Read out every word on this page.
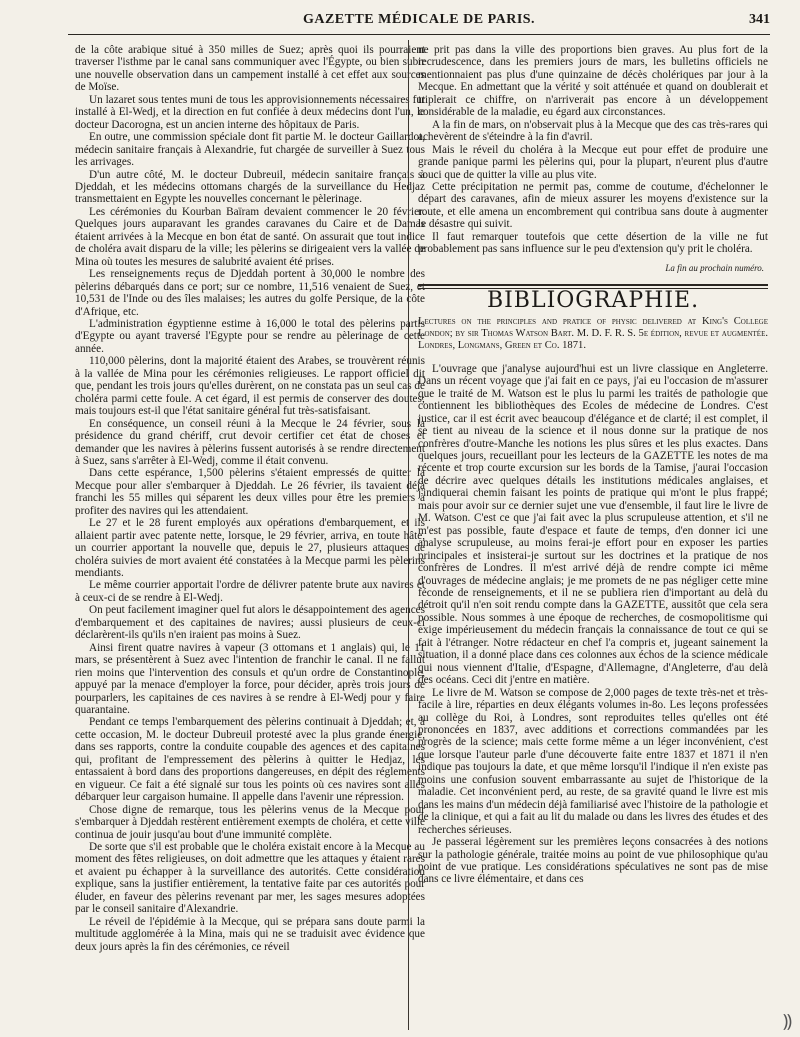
GAZETTE MÉDICALE DE PARIS.	341

de la côte arabique situé à 350 milles de Suez; après quoi ils pourraient traverser l'isthme par le canal sans communiquer avec l'Égypte, ou bien subir une nouvelle observation dans un campement installé à cet effet aux sources de Moïse.

Un lazaret sous tentes muni de tous les approvisionnements nécessaires fut installé à El-Wedj, et la direction en fut confiée à deux médecins dont l'un, le docteur Dacorogna, est un ancien interne des hôpitaux de Paris.

En outre, une commission spéciale dont fit partie M. le docteur Gaillardot, médecin sanitaire français à Alexandrie, fut chargée de surveiller à Suez tous les arrivages.

D'un autre côté, M. le docteur Dubreuil, médecin sanitaire français à Djeddah, et les médecins ottomans chargés de la surveillance du Hedjaz transmettaient en Egypte les nouvelles concernant le pèlerinage.

Les cérémonies du Kourban Baïram devaient commencer le 20 février. Quelques jours auparavant les grandes caravanes du Caire et de Damas étaient arrivées à la Mecque en bon état de santé. On assurait que tout indice de choléra avait disparu de la ville; les pèlerins se dirigeaient vers la vallée de Mina où toutes les mesures de salubrité avaient été prises.

Les renseignements reçus de Djeddah portent à 30,000 le nombre des pèlerins débarqués dans ce port; sur ce nombre, 11,516 venaient de Suez, et 10,531 de l'Inde ou des îles malaises; les autres du golfe Persique, de la côte d'Afrique, etc.

L'administration égyptienne estime à 16,000 le total des pèlerins partis d'Egypte ou ayant traversé l'Egypte pour se rendre au pèlerinage de cette année.

110,000 pèlerins, dont la majorité étaient des Arabes, se trouvèrent réunis à la vallée de Mina pour les cérémonies religieuses. Le rapport officiel dit que, pendant les trois jours qu'elles durèrent, on ne constata pas un seul cas de choléra parmi cette foule. A cet égard, il est permis de conserver des doutes; mais toujours est-il que l'état sanitaire général fut très-satisfaisant.

En conséquence, un conseil réuni à la Mecque le 24 février, sous la présidence du grand chériff, crut devoir certifier cet état de choses et demander que les navires à pèlerins fussent autorisés à se rendre directement à Suez, sans s'arrêter à El-Wedj, comme il était convenu.

Dans cette espérance, 1,500 pèlerins s'étaient empressés de quitter la Mecque pour aller s'embarquer à Djeddah. Le 26 février, ils tavaient déjà franchi les 55 milles qui séparent les deux villes pour être les premiers à profiter des navires qui les attendaient.

Le 27 et le 28 furent employés aux opérations d'embarquement, et ils allaient partir avec patente nette, lorsque, le 29 février, arriva, en toute hâte, un courrier apportant la nouvelle que, depuis le 27, plusieurs attaques de choléra suivies de mort avaient été constatées à la Mecque parmi les pèlerins mendiants.

Le même courrier apportait l'ordre de délivrer patente brute aux navires et à ceux-ci de se rendre à El-Wedj.

On peut facilement imaginer quel fut alors le désappointement des agences d'embarquement et des capitaines de navires; aussi plusieurs de ceux-ci déclarèrent-ils qu'ils n'en iraient pas moins à Suez.

Ainsi firent quatre navires à vapeur (3 ottomans et 1 anglais) qui, le 11 mars, se présentèrent à Suez avec l'intention de franchir le canal. Il ne fallut rien moins que l'intervention des consuls et qu'un ordre de Constantinople, appuyé par la menace d'employer la force, pour décider, après trois jours de pourparlers, les capitaines de ces navires à se rendre à El-Wedj pour y faire quarantaine.

Pendant ce temps l'embarquement des pèlerins continuait à Djeddah; et, à cette occasion, M. le docteur Dubreuil protesté avec la plus grande énergie, dans ses rapports, contre la conduite coupable des agences et des capitaines qui, profitant de l'empressement des pèlerins à quitter le Hedjaz, les entassaient à bord dans des proportions dangereuses, en dépit des réglements en vigueur. Ce fait a été signalé sur tous les points où ces navires sont allés débarquer leur cargaison humaine. Il appelle dans l'avenir une répression.

Chose digne de remarque, tous les pèlerins venus de la Mecque pour s'embarquer à Djeddah restèrent entièrement exempts de choléra, et cette ville continua de jouir jusqu'au bout d'une immunité complète.

De sorte que s'il est probable que le choléra existait encore à la Mecque au moment des fêtes religieuses, on doit admettre que les attaques y étaient rares et avaient pu échapper à la surveillance des autorités. Cette considération explique, sans la justifier entièrement, la tentative faite par ces autorités pour éluder, en faveur des pèlerins revenant par mer, les sages mesures adoptées par le conseil sanitaire d'Alexandrie.

Le réveil de l'épidémie à la Mecque, qui se prépara sans doute parmi la multitude agglomérée à la Mina, mais qui ne se traduisit avec évidence que deux jours après la fin des cérémonies, ce réveil

ne prit pas dans la ville des proportions bien graves. Au plus fort de la recrudescence, dans les premiers jours de mars, les bulletins officiels ne mentionnaient pas plus d'une quinzaine de décès cholériques par jour à la Mecque. En admettant que la vérité y soit atténuée et quand on doublerait et triplerait ce chiffre, on n'arriverait pas encore à un développement considérable de la maladie, eu égard aux circonstances.

A la fin de mars, on n'observait plus à la Mecque que des cas très-rares qui achevèrent de s'éteindre à la fin d'avril.

Mais le réveil du choléra à la Mecque eut pour effet de produire une grande panique parmi les pèlerins qui, pour la plupart, n'eurent plus d'autre souci que de quitter la ville au plus vite.

Cette précipitation ne permit pas, comme de coutume, d'échelonner le départ des caravanes, afin de mieux assurer les moyens d'existence sur la route, et elle amena un encombrement qui contribua sans doute à augmenter le désastre qui suivit.

Il faut remarquer toutefois que cette désertion de la ville ne fut probablement pas sans influence sur le peu d'extension qu'y prit le choléra.

La fin au prochain numéro.
BIBLIOGRAPHIE.
Lectures on the principles and pratice of physic delivered at King's College London; by sir Thomas Watson Bart. M. D. F. R. S. 5e édition, revue et augmentée. Londres, Longmans, Green et Co. 1871.

L'ouvrage que j'analyse aujourd'hui est un livre classique en Angleterre. Dans un récent voyage que j'ai fait en ce pays, j'ai eu l'occasion de m'assurer que le traité de M. Watson est le plus lu parmi les traités de pathologie que contiennent les bibliothèques des Ecoles de médecine de Londres. C'est justice, car il est écrit avec beaucoup d'élégance et de clarté; il est complet, il se tient au niveau de la science et il nous donne sur la pratique de nos confrères d'outre-Manche les notions les plus sûres et les plus exactes. Dans quelques jours, recueillant pour les lecteurs de la GAZETTE les notes de ma récente et trop courte excursion sur les bords de la Tamise, j'aurai l'occasion de décrire avec quelques détails les institutions médicales anglaises, et j'indiquerai chemin faisant les points de pratique qui m'ont le plus frappé; mais pour avoir sur ce dernier sujet une vue d'ensemble, il faut lire le livre de M. Watson. C'est ce que j'ai fait avec la plus scrupuleuse attention, et s'il ne m'est pas possible, faute d'espace et faute de temps, d'en donner ici une analyse scrupuleuse, au moins ferai-je effort pour en exposer les parties principales et insisterai-je surtout sur les doctrines et la pratique de nos confrères de Londres. Il m'est arrivé déjà de rendre compte ici même d'ouvrages de médecine anglais; je me promets de ne pas négliger cette mine féconde de renseignements, et il ne se publiera rien d'important au delà du détroit qu'il n'en soit rendu compte dans la GAZETTE, aussitôt que cela sera possible. Nous sommes à une époque de recherches, de cosmopolitisme qui exige impérieusement du médecin français la connaissance de tout ce qui se fait à l'étranger. Notre rédacteur en chef l'a compris et, jugeant sainement la situation, il a donné place dans ces colonnes aux échos de la science médicale qui nous viennent d'Italie, d'Espagne, d'Allemagne, d'Angleterre, d'au delà des océans. Ceci dit j'entre en matière.

Le livre de M. Watson se compose de 2,000 pages de texte très-net et très-facile à lire, réparties en deux élégants volumes in-8o. Les leçons professées au collège du Roi, à Londres, sont reproduites telles qu'elles ont été prononcées en 1837, avec additions et corrections commandées par les progrès de la science; mais cette forme même a un léger inconvénient, c'est que lorsque l'auteur parle d'une découverte faite entre 1837 et 1871 il n'en indique pas toujours la date, et que même lorsqu'il l'indique il n'en existe pas moins une confusion souvent embarrassante au sujet de l'historique de la maladie. Cet inconvénient perd, au reste, de sa gravité quand le livre est mis dans les mains d'un médecin déjà familiarisé avec l'histoire de la pathologie et de la clinique, et qui a fait au lit du malade ou dans les livres des études et des recherches sérieuses.

Je passerai légèrement sur les premières leçons consacrées à des notions sur la pathologie générale, traitée moins au point de vue philosophique qu'au point de vue pratique. Les considérations spéculatives ne sont pas de mise dans ce livre élémentaire, et dans ces

⸩
